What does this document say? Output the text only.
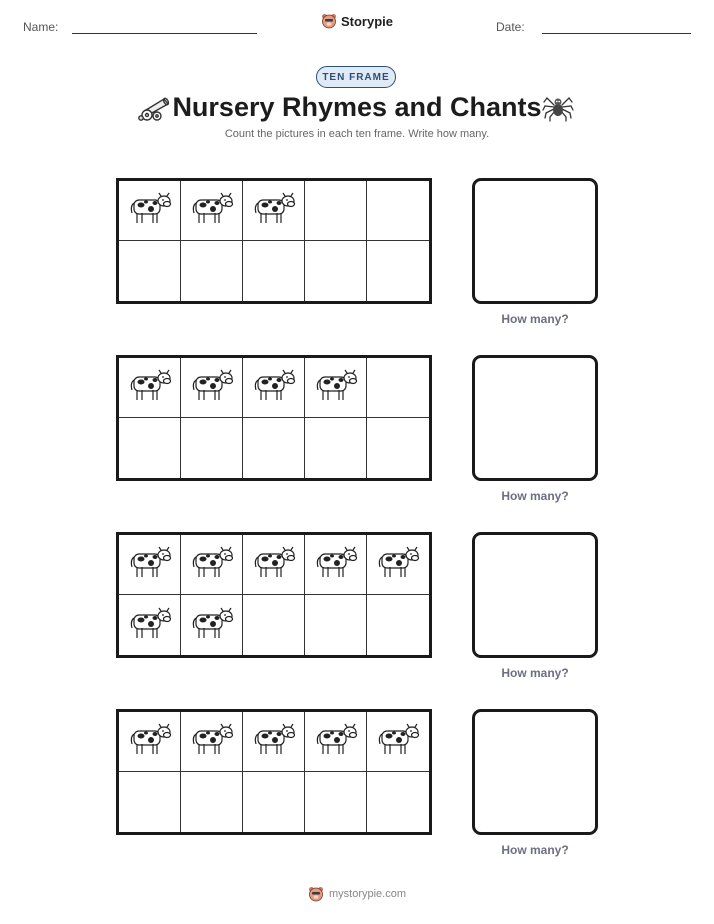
Name:	Date:
Storypie
TEN FRAME
Nursery Rhymes and Chants
Count the pictures in each ten frame. Write how many.
How many?
How many?
How many?
How many?
mystorypie.com
